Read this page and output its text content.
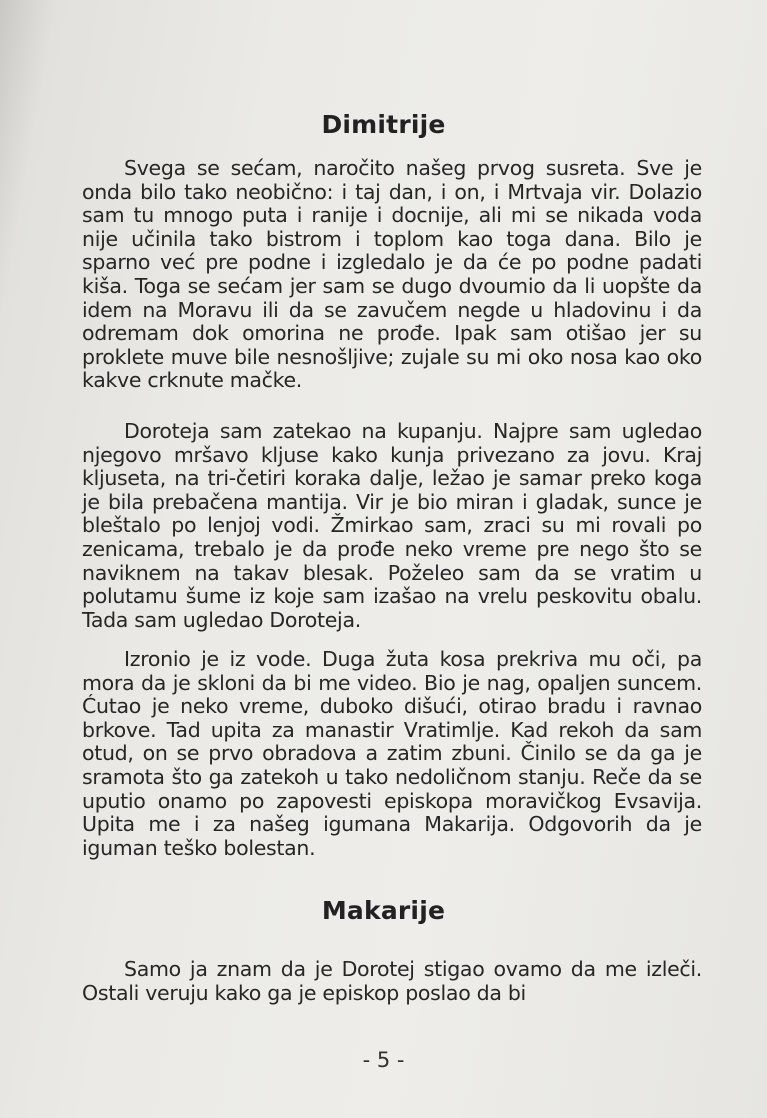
Dimitrije

Svega se sećam, naročito našeg prvog susreta. Sve je onda bilo tako neobično: i taj dan, i on, i Mrtvaja vir. Dolazio sam tu mnogo puta i ranije i docnije, ali mi se nikada voda nije učinila tako bistrom i toplom kao toga dana. Bilo je sparno već pre podne i izgledalo je da će po podne padati kiša. Toga se sećam jer sam se dugo dvoumio da li uopšte da idem na Moravu ili da se zavučem negde u hladovinu i da odremam dok omorina ne prođe. Ipak sam otišao jer su proklete muve bile nesnošljive; zujale su mi oko nosa kao oko kakve crknute mačke.

Doroteja sam zatekao na kupanju. Najpre sam ugledao njegovo mršavo kljuse kako kunja privezano za jovu. Kraj kljuseta, na tri-četiri koraka dalje, ležao je samar preko koga je bila prebačena mantija. Vir je bio miran i gladak, sunce je bleštalo po lenjoj vodi. Žmirkao sam, zraci su mi rovali po zenicama, trebalo je da prođe neko vreme pre nego što se naviknem na takav blesak. Poželeo sam da se vratim u polutamu šume iz koje sam izašao na vrelu peskovitu obalu. Tada sam ugledao Doroteja.

Izronio je iz vode. Duga žuta kosa prekriva mu oči, pa mora da je skloni da bi me video. Bio je nag, opaljen suncem. Ćutao je neko vreme, duboko dišući, otirao bradu i ravnao brkove. Tad upita za manastir Vratimlje. Kad rekoh da sam otud, on se prvo obradova a zatim zbuni. Činilo se da ga je sramota što ga zatekoh u tako nedoličnom stanju. Reče da se uputio onamo po zapovesti episkopa moravičkog Evsavija. Upita me i za našeg igumana Makarija. Odgovorih da je iguman teško bolestan.

Makarije

Samo ja znam da je Dorotej stigao ovamo da me izleči. Ostali veruju kako ga je episkop poslao da bi

- 5 -
